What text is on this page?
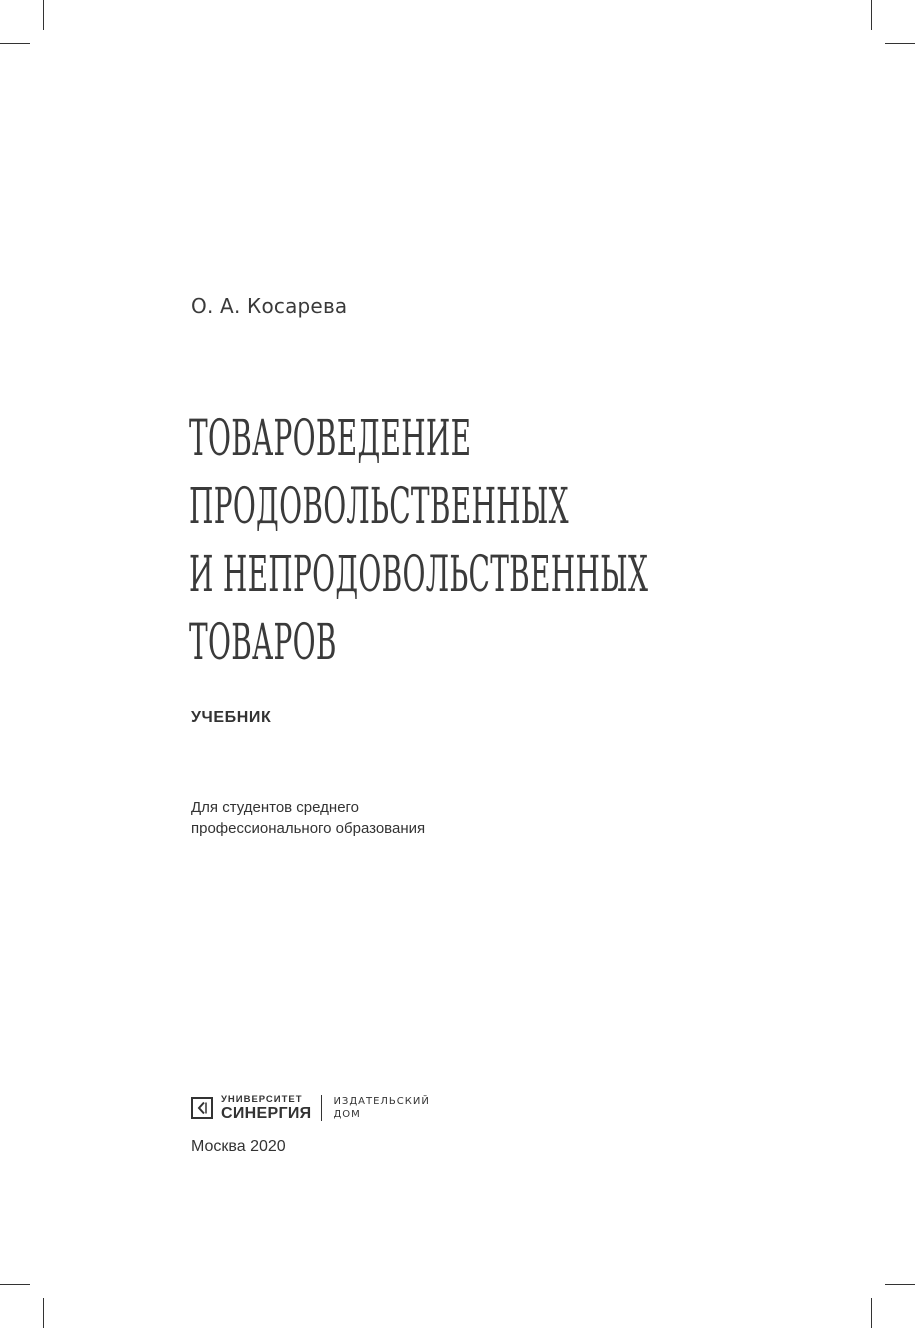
О. А. Косарева
ТОВАРОВЕДЕНИЕ
ПРОДОВОЛЬСТВЕННЫХ
И НЕПРОДОВОЛЬСТВЕННЫХ
ТОВАРОВ
УЧЕБНИК
Для студентов среднего
профессионального образования
УНИВЕРСИТЕТ
СИНЕРГИЯ
ИЗДАТЕЛЬСКИЙ
ДОМ
Москва 2020
